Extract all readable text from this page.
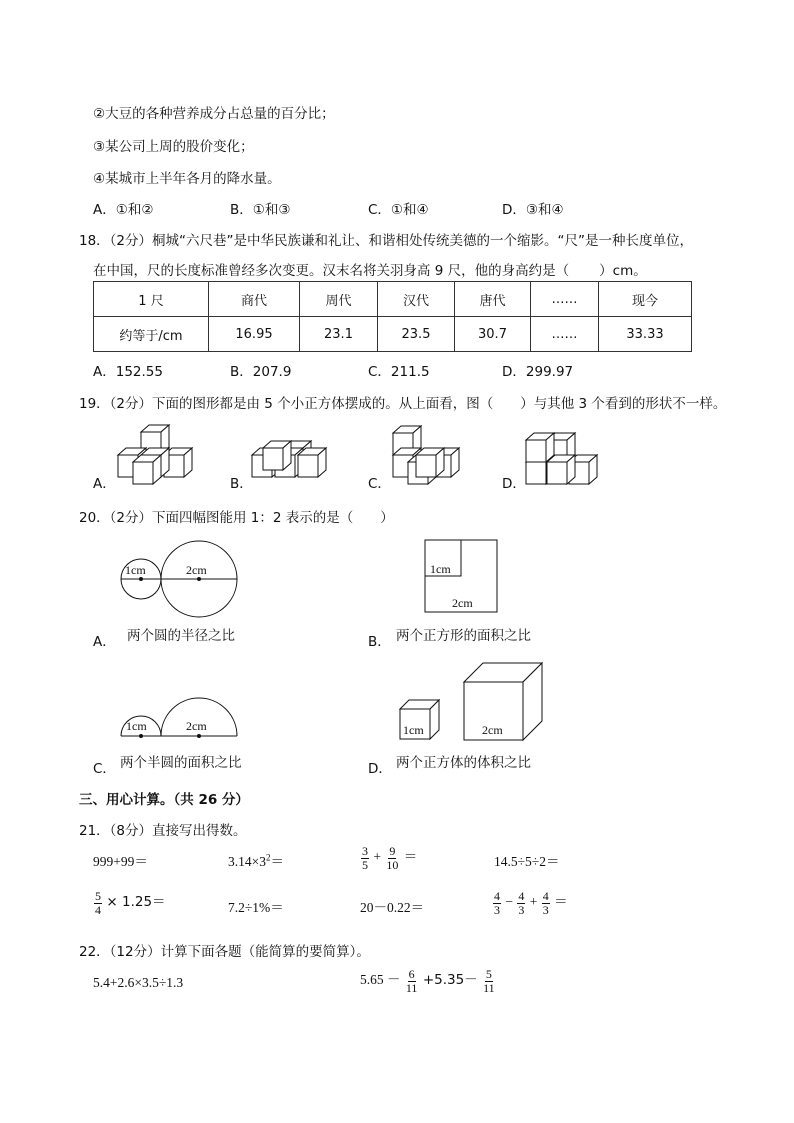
②大豆的各种营养成分占总量的百分比；
③某公司上周的股价变化；
④某城市上半年各月的降水量。
A．①和②	B．①和③	C．①和④	D．③和④
18．（2分）桐城“六尺巷”是中华民族谦和礼让、和谐相处传统美德的一个缩影。“尺”是一种长度单位，
在中国，尺的长度标准曾经多次变更。汉末名将关羽身高 9 尺，他的身高约是（ ）cm。
1 尺	商代	周代	汉代	唐代	……	现今
约等于/cm	16.95	23.1	23.5	30.7	……	33.33
A．152.55	B．207.9	C．211.5	D．299.97
19．（2分）下面的图形都是由 5 个小正方体摆成的。从上面看，图（　　）与其他 3 个看到的形状不一样。
A．	B．	C．	D．
20．（2分）下面四幅图能用 1：2 表示的是（　　）
1cm	2cm
A． 两个圆的半径之比
1cm
2cm
B． 两个正方形的面积之比
1cm	2cm
C． 两个半圆的面积之比
1cm	2cm
D． 两个正方体的体积之比
三、用心计算。（共 26 分）
21．（8分）直接写出得数。
999+99＝	$3.14\times 3^2=$	$\frac{3}{5} + \frac{9}{10}$ ＝	14.5÷5÷2＝
$\frac{5}{4} \times 1.25=$	7.2÷1%＝	20－0.22＝	$\frac{4}{3} - \frac{4}{3} + \frac{4}{3}$ ＝
22．（12分）计算下面各题（能简算的要简算）。
5.4+2.6×3.5÷1.3	$5.65 - \frac{6}{11} +5.35- \frac{5}{11}$
